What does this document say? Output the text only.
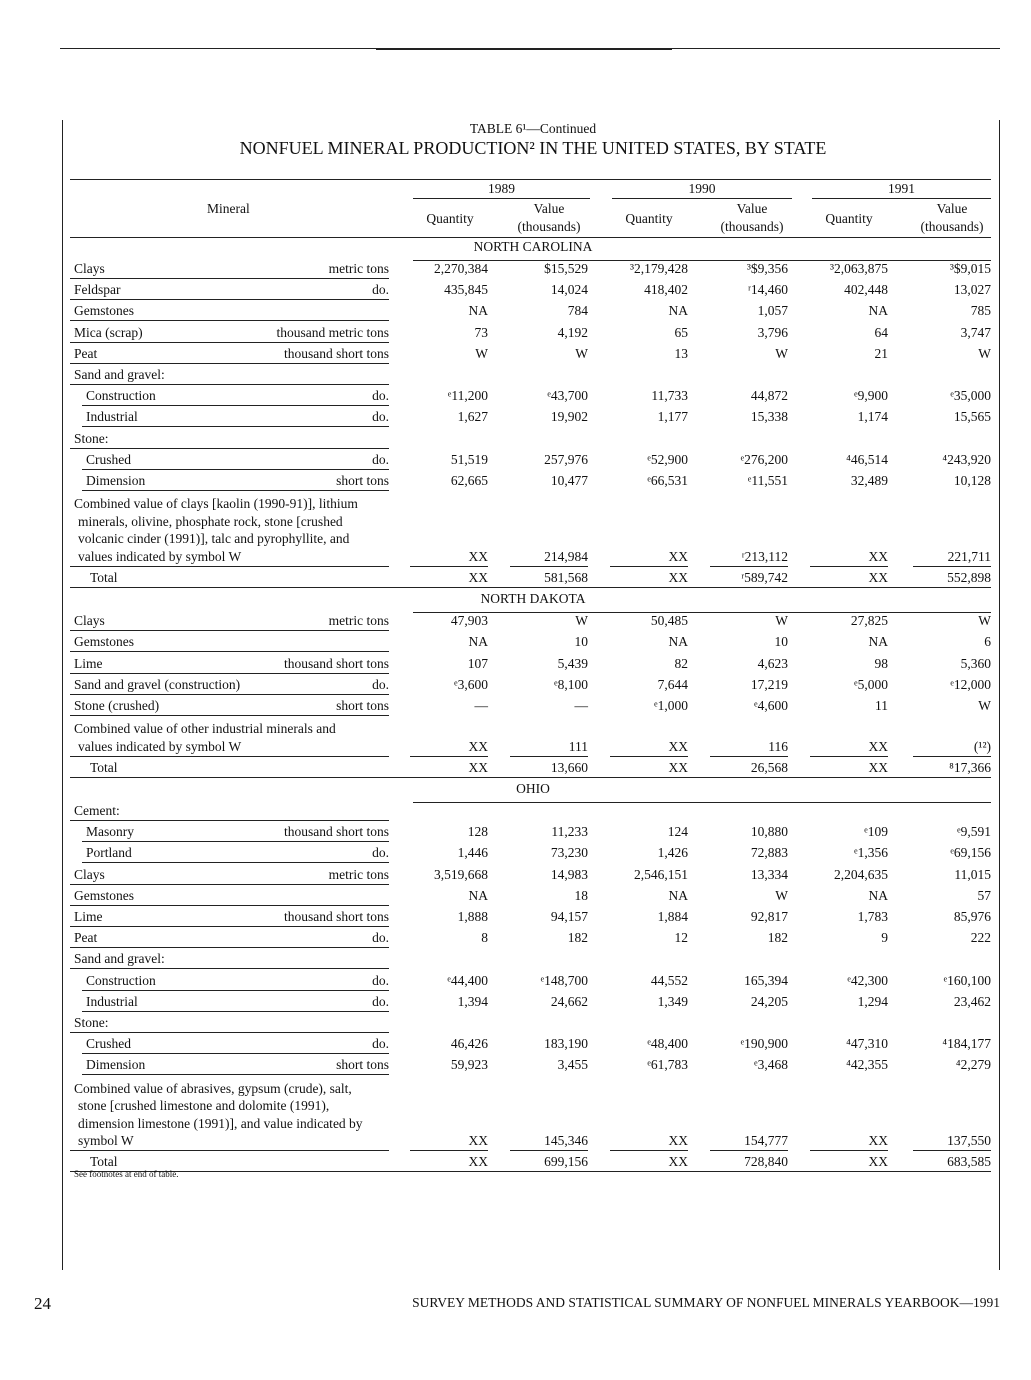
TABLE 6¹—Continued
NONFUEL MINERAL PRODUCTION² IN THE UNITED STATES, BY STATE
Mineral
1989
Quantity
Value
(thousands)
1990
Quantity
Value
(thousands)
1991
Quantity
Value
(thousands)
NORTH CAROLINA
Clays	metric tons	2,270,384	$15,529	³2,179,428	³$9,356	³2,063,875	³$9,015
Feldspar	do.	435,845	14,024	418,402	ʳ14,460	402,448	13,027
Gemstones	NA	784	NA	1,057	NA	785
Mica (scrap)	thousand metric tons	73	4,192	65	3,796	64	3,747
Peat	thousand short tons	W	W	13	W	21	W
Sand and gravel:
Construction	do.	ᵉ11,200	ᵉ43,700	11,733	44,872	ᵉ9,900	ᵉ35,000
Industrial	do.	1,627	19,902	1,177	15,338	1,174	15,565
Stone:
Crushed	do.	51,519	257,976	ᵉ52,900	ᵉ276,200	⁴46,514	⁴243,920
Dimension	short tons	62,665	10,477	ᵉ66,531	ᵉ11,551	32,489	10,128
Combined value of clays [kaolin (1990-91)], lithium
minerals, olivine, phosphate rock, stone [crushed
volcanic cinder (1991)], talc and pyrophyllite, and
values indicated by symbol W	XX	214,984	XX	ʳ213,112	XX	221,711
Total	XX	581,568	XX	ʳ589,742	XX	552,898
NORTH DAKOTA
Clays	metric tons	47,903	W	50,485	W	27,825	W
Gemstones	NA	10	NA	10	NA	6
Lime	thousand short tons	107	5,439	82	4,623	98	5,360
Sand and gravel (construction)	do.	ᵉ3,600	ᵉ8,100	7,644	17,219	ᵉ5,000	ᵉ12,000
Stone (crushed)	short tons	—	—	ᵉ1,000	ᵉ4,600	11	W
Combined value of other industrial minerals and
values indicated by symbol W	XX	111	XX	116	XX	(¹²)
Total	XX	13,660	XX	26,568	XX	⁸17,366
OHIO
Cement:
Masonry	thousand short tons	128	11,233	124	10,880	ᵉ109	ᵉ9,591
Portland	do.	1,446	73,230	1,426	72,883	ᵉ1,356	ᵉ69,156
Clays	metric tons	3,519,668	14,983	2,546,151	13,334	2,204,635	11,015
Gemstones	NA	18	NA	W	NA	57
Lime	thousand short tons	1,888	94,157	1,884	92,817	1,783	85,976
Peat	do.	8	182	12	182	9	222
Sand and gravel:
Construction	do.	ᵉ44,400	ᵉ148,700	44,552	165,394	ᵉ42,300	ᵉ160,100
Industrial	do.	1,394	24,662	1,349	24,205	1,294	23,462
Stone:
Crushed	do.	46,426	183,190	ᵉ48,400	ᵉ190,900	⁴47,310	⁴184,177
Dimension	short tons	59,923	3,455	ᵉ61,783	ᵉ3,468	⁴42,355	⁴2,279
Combined value of abrasives, gypsum (crude), salt,
stone [crushed limestone and dolomite (1991),
dimension limestone (1991)], and value indicated by
symbol W	XX	145,346	XX	154,777	XX	137,550
Total	XX	699,156	XX	728,840	XX	683,585
See footnotes at end of table.
24	SURVEY METHODS AND STATISTICAL SUMMARY OF NONFUEL MINERALS YEARBOOK—1991
